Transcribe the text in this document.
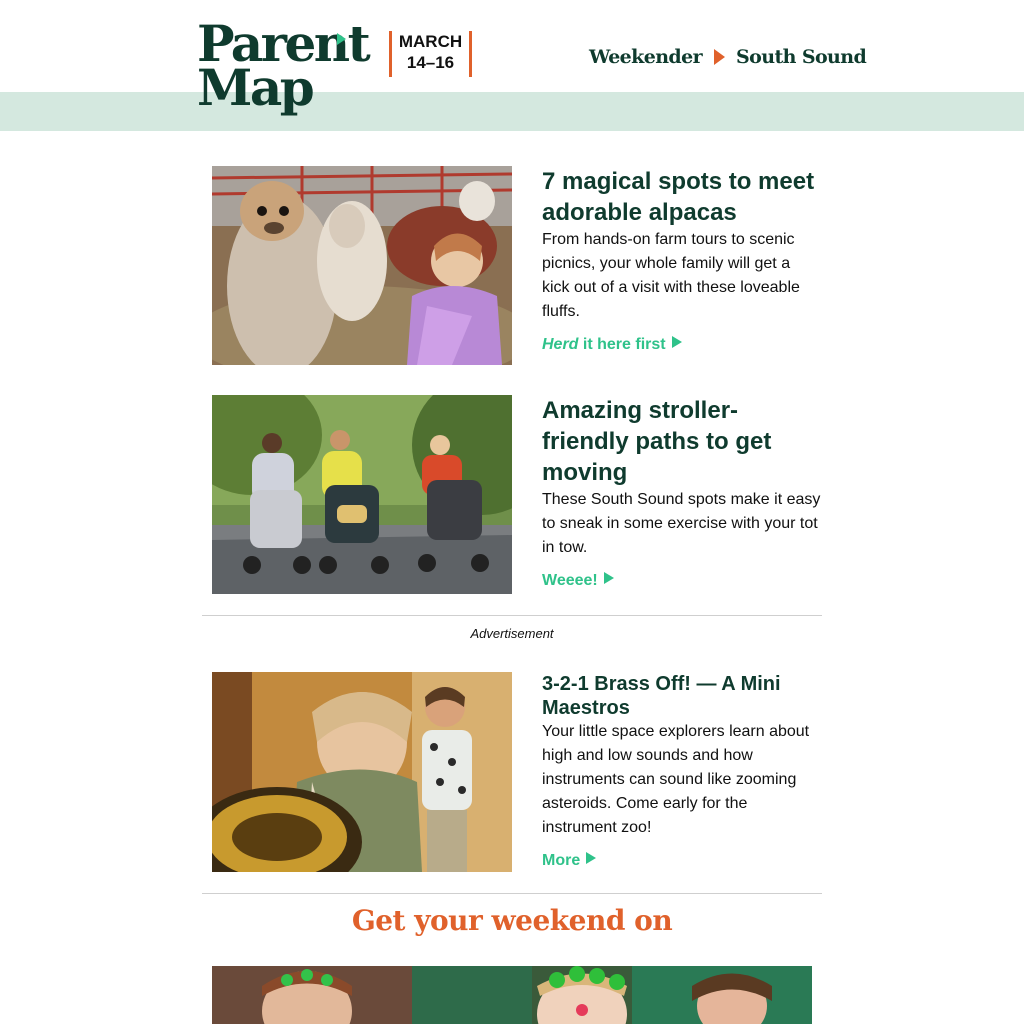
Parent
Map
MARCH
14–16	Weekender South Sound
7 magical spots to meet adorable alpacas

From hands-on farm tours to scenic picnics, your whole family will get a kick out of a visit with these loveable fluffs.

Herd it here first
Amazing stroller-friendly paths to get moving

These South Sound spots make it easy to sneak in some exercise with your tot in tow.

Weeee!
Advertisement
3-2-1 Brass Off! — A Mini Maestros

Your little space explorers learn about high and low sounds and how instruments can sound like zooming asteroids. Come early for the instrument zoo!

More
Get your weekend on
